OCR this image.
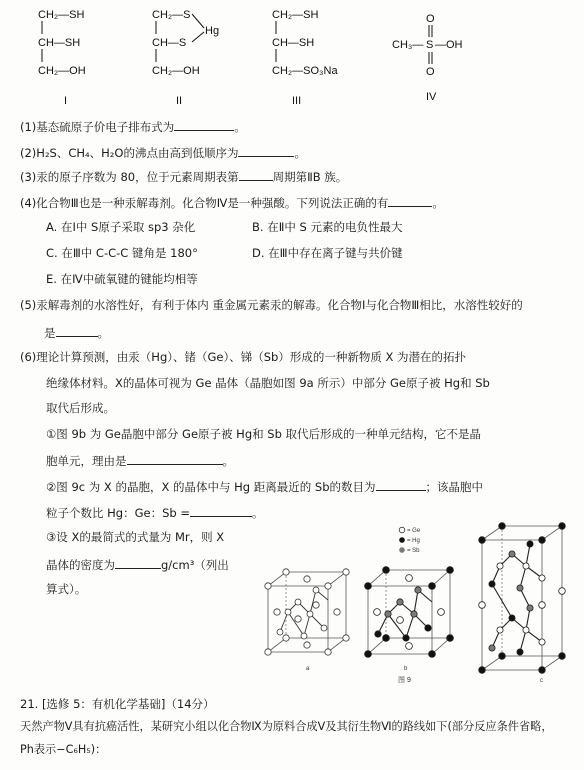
CH₂—SH
CH—SH
CH₂—OH
I
CH₂—S
CH—S
CH₂—OH
Hg
II
CH₂—SH
CH—SH
CH₂—SO₃Na
III
O
CH₃— S —OH
O
IV
(1)基态硫原子价电子排布式为	。
(2)H₂S、CH₄、H₂O的沸点由高到低顺序为	。
(3)汞的原子序数为 80，位于元素周期表第	周期第ⅡB 族。
(4)化合物Ⅲ也是一种汞解毒剂。化合物Ⅳ是一种强酸。下列说法正确的有	。
A. 在Ⅰ中 S原子采取 sp3 杂化	B. 在Ⅱ中 S 元素的电负性最大
C. 在Ⅲ中 C-C-C 键角是 180°	D. 在Ⅲ中存在离子键与共价键
E. 在Ⅳ中硫氧键的键能均相等
(5)汞解毒剂的水溶性好，有利于体内 重金属元素汞的解毒。化合物Ⅰ与化合物Ⅲ相比，水溶性较好的
是	。
(6)理论计算预测，由汞（Hg）、锗（Ge）、锑（Sb）形成的一种新物质 X 为潜在的拓扑
绝缘体材料。X的晶体可视为 Ge 晶体（晶胞如图 9a 所示）中部分 Ge原子被 Hg和 Sb
取代后形成。
①图 9b 为 Ge晶胞中部分 Ge原子被 Hg和 Sb 取代后形成的一种单元结构，它不是晶
胞单元，理由是	。
②图 9c 为 X 的晶胞，X 的晶体中与 Hg 距离最近的 Sb的数目为	；该晶胞中
粒子个数比 Hg：Ge：Sb =	。
③设 X的最简式的式量为 Mr，则 X
晶体的密度为	g/cm³（列出
算式）。
a	b
= Ge
= Hg
= Sb
c
图 9
21. [选修 5：有机化学基础]（14分）
天然产物Ⅴ具有抗癌活性，某研究小组以化合物Ⅸ为原料合成Ⅴ及其衍生物Ⅵ的路线如下(部分反应条件省略，
Ph表示−C₆H₅)：
